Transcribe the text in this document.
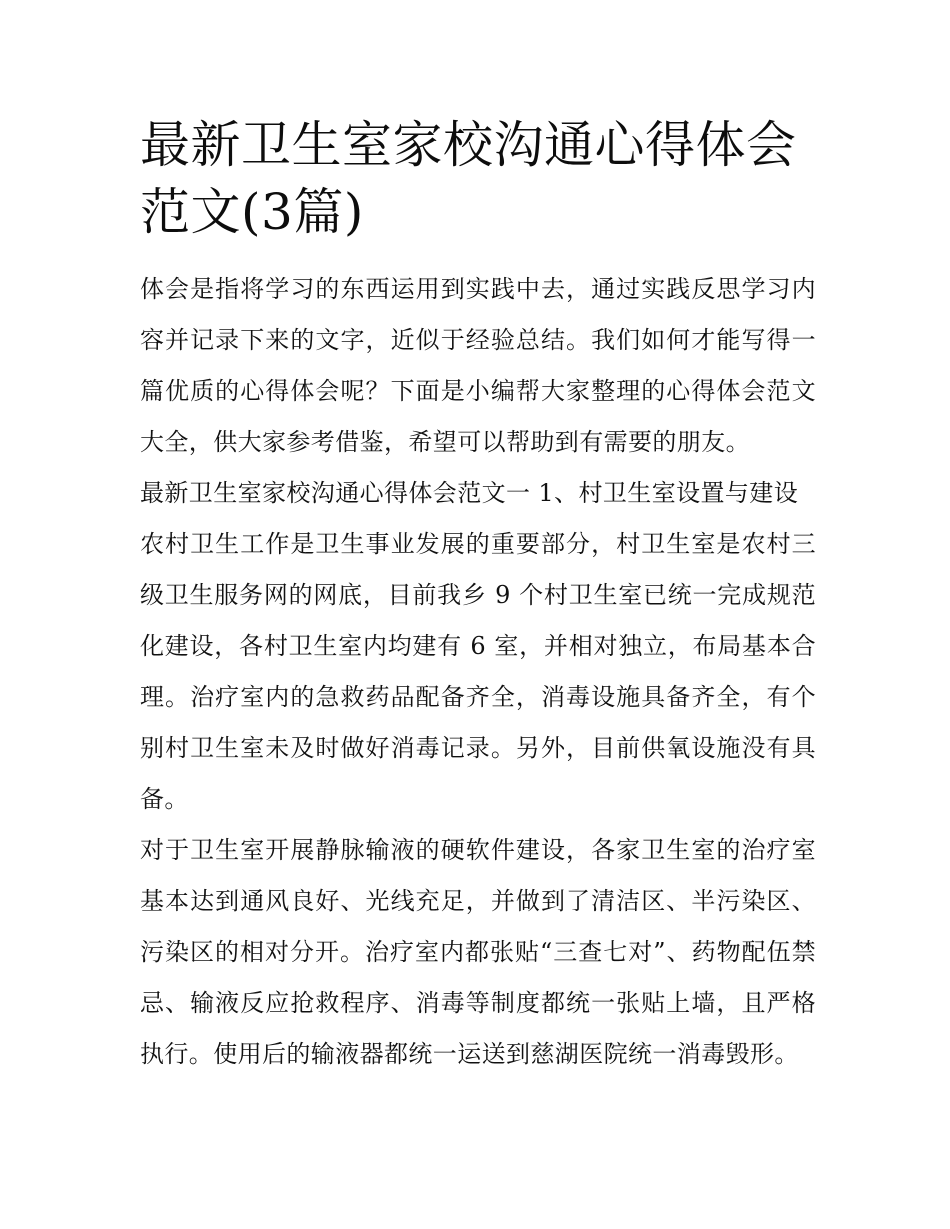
最新卫生室家校沟通心得体会范文(3篇)

体会是指将学习的东西运用到实践中去，通过实践反思学习内容并记录下来的文字，近似于经验总结。我们如何才能写得一篇优质的心得体会呢？下面是小编帮大家整理的心得体会范文大全，供大家参考借鉴，希望可以帮助到有需要的朋友。

最新卫生室家校沟通心得体会范文一 1、村卫生室设置与建设

农村卫生工作是卫生事业发展的重要部分，村卫生室是农村三级卫生服务网的网底，目前我乡 9 个村卫生室已统一完成规范化建设，各村卫生室内均建有 6 室，并相对独立，布局基本合理。治疗室内的急救药品配备齐全，消毒设施具备齐全，有个别村卫生室未及时做好消毒记录。另外，目前供氧设施没有具备。

对于卫生室开展静脉输液的硬软件建设，各家卫生室的治疗室基本达到通风良好、光线充足，并做到了清洁区、半污染区、污染区的相对分开。治疗室内都张贴“三查七对”、药物配伍禁忌、输液反应抢救程序、消毒等制度都统一张贴上墙，且严格执行。使用后的输液器都统一运送到慈湖医院统一消毒毁形。
